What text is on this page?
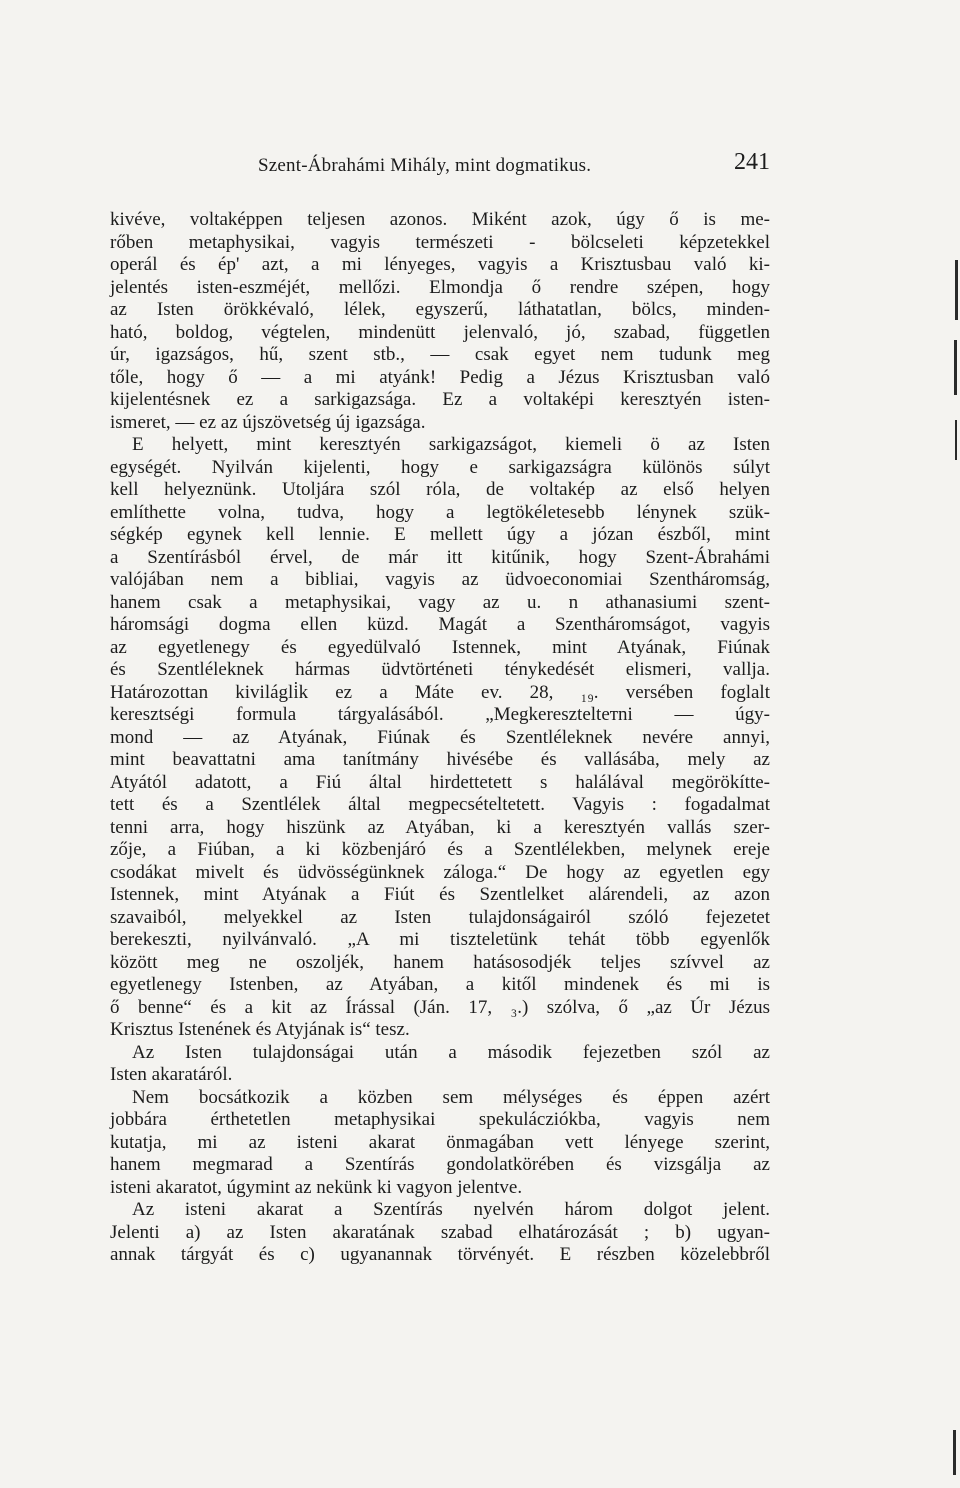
Szent-Ábrahámi Mihály, mint dogmatikus.	241
kivéve, voltaképpen teljesen azonos. Miként azok, úgy ő is me-
rőben metaphysikai, vagyis természeti - bölcseleti képzetekkel
operál és ép' azt, a mi lényeges, vagyis a Krisztusbau való ki-
jelentés isten-eszméjét, mellőzi. Elmondja ő rendre szépen, hogy
az Isten örökkévaló, lélek, egyszerű, láthatatlan, bölcs, minden-
ható, boldog, végtelen, mindenütt jelenvaló, jó, szabad, független
úr, igazságos, hű, szent stb., — csak egyet nem tudunk meg
tőle, hogy ő — a mi atyánk! Pedig a Jézus Krisztusban való
kijelentésnek ez a sarkigazsága. Ez a voltaképi keresztyén isten-
ismeret, — ez az újszövetség új igazsága.
E helyett, mint keresztyén sarkigazságot, kiemeli ö az Isten
egységét. Nyilván kijelenti, hogy e sarkigazságra különös súlyt
kell helyeznünk. Utoljára szól róla, de voltakép az első helyen
említhette volna, tudva, hogy a legtökéletesebb lénynek szük-
ségkép egynek kell lennie. E mellett úgy a józan észből, mint
a Szentírásból érvel, de már itt kitűnik, hogy Szent-Ábrahámi
valójában nem a bibliai, vagyis az üdvoeconomiai Szentháromság,
hanem csak a metaphysikai, vagy az u. n athanasiumi szent-
háromsági dogma ellen küzd. Magát a Szentháromságot, vagyis
az egyetlenegy és egyedülvaló Istennek, mint Atyának, Fiúnak
és Szentléleknek hármas üdvtörténeti ténykedését elismeri, vallja.
Határozottan kivilágli̇k ez a Máte ev. 28, ₁₉. versében foglalt
keresztségi formula tárgyalásából. „Megkeresztelteтni — úgy-
mond — az Atyának, Fiúnak és Szentléleknek nevére annyi,
mint beavattatni ama tanítmány hivésébe és vallásába, mely az
Atyától adatott, a Fiú által hirdettetett s halálával megörökítte-
tett és a Szentlélek által megpecsételtetett. Vagyis : fogadalmat
tenni arra, hogy hiszünk az Atyában, ki a keresztyén vallás szer-
zője, a Fiúban, a ki közbenjáró és a Szentlélekben, melynek ereje
csodákat mivelt és üdvösségünknek záloga.“ De hogy az egyetlen egy
Istennek, mint Atyának a Fiút és Szentlelket alárendeli, az azon
szavaiból, melyekkel az Isten tulajdonságairól szóló fejezetet
berekeszti, nyilvánvaló. „A mi tiszteletünk tehát több egyenlők
között meg ne oszoljék, hanem hatásosodjék teljes szívvel az
egyetlenegy Istenben, az Atyában, a kitől mindenek és mi is
ő benne“ és a kit az Írással (Ján. 17, ₃.) szólva, ő „az Úr Jézus
Krisztus Istenének és Atyjának is“ tesz.
Az Isten tulajdonságai után a második fejezetben szól az
Isten akaratáról.
Nem bocsátkozik a közben sem mélységes és éppen azért
jobbára érthetetlen metaphysikai spekulácziókba, vagyis nem
kutatja, mi az isteni akarat önmagában vett lényege szerint,
hanem megmarad a Szentírás gondolatkörében és vizsgálja az
isteni akaratot, úgymint az nekünk ki vagyon jelentve.
Az isteni akarat a Szentírás nyelvén három dolgot jelent.
Jelenti a) az Isten akaratának szabad elhatározását ; b) ugyan-
annak tárgyát és c) ugyanannak törvényét. E részben közelebbről
